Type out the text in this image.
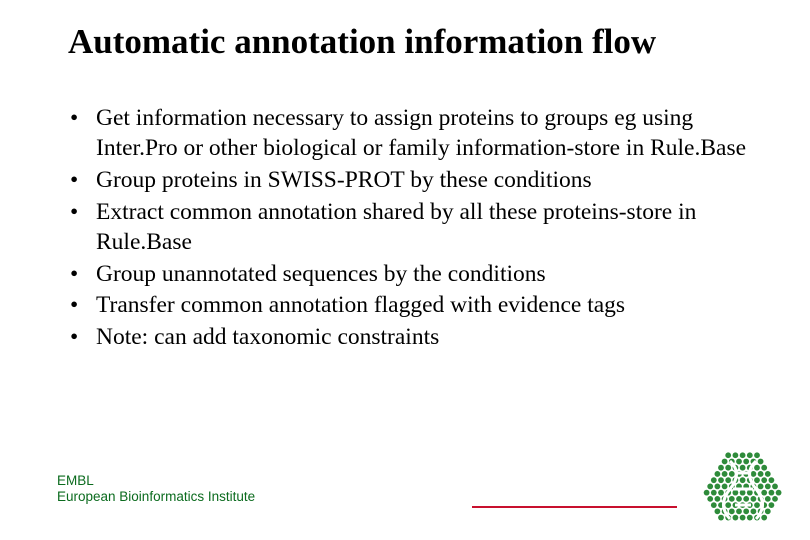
Automatic annotation information flow
• Get information necessary to assign proteins to groups eg using Inter.Pro or other biological or family information-store in Rule.Base
• Group proteins in SWISS-PROT by these conditions
• Extract common annotation shared by all these proteins-store in Rule.Base
• Group unannotated sequences by the conditions
• Transfer common annotation flagged with evidence tags
• Note: can add taxonomic constraints
EMBL
European Bioinformatics Institute
